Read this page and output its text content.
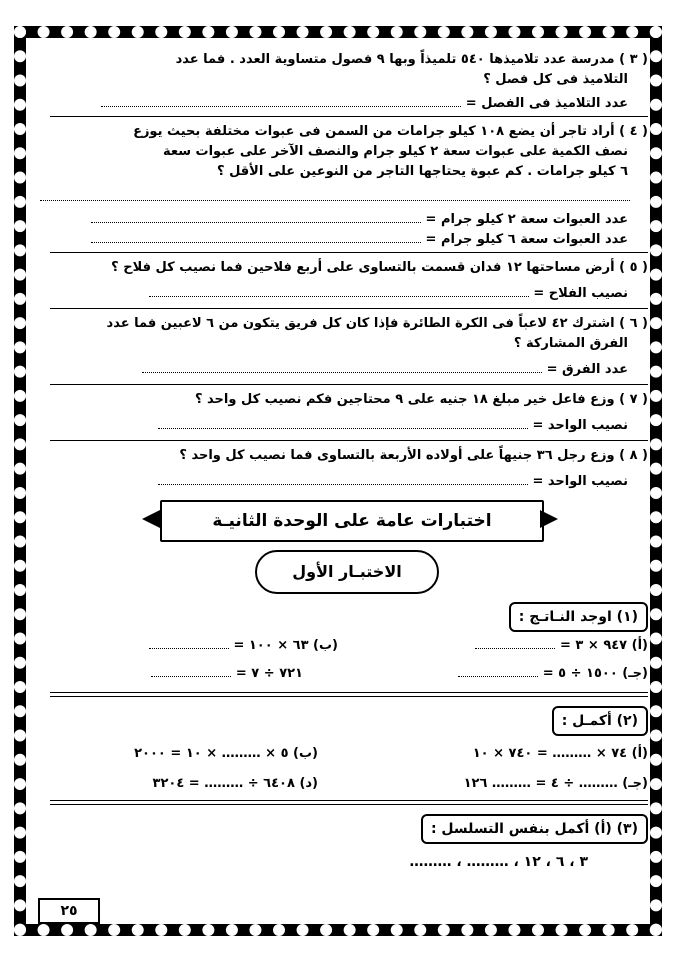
( ٣ ) مدرسة عدد تلاميذها ٥٤٠ تلميذاً وبها ٩ فصول متساوية العدد . فما عدد
التلاميذ فى كل فصل ؟
عدد التلاميذ فى الفصل =
( ٤ ) أراد تاجر أن يضع ١٠٨ كيلو جرامات من السمن فى عبوات مختلفة بحيث يوزع
نصف الكمية على عبوات سعة ٢ كيلو جرام والنصف الآخر على عبوات سعة
٦ كيلو جرامات . كم عبوة يحتاجها التاجر من النوعين على الأقل ؟
عدد العبوات سعة ٢ كيلو جرام =
عدد العبوات سعة ٦ كيلو جرام =
( ٥ ) أرض مساحتها ١٢ فدان قسمت بالتساوى على أربع فلاحين فما نصيب كل فلاح ؟
نصيب الفلاح =
( ٦ ) اشترك ٤٢ لاعباً فى الكرة الطائرة فإذا كان كل فريق يتكون من ٦ لاعبين فما عدد
الفرق المشاركة ؟
عدد الفرق =
( ٧ ) وزع فاعل خير مبلغ ١٨ جنيه على ٩ محتاجين فكم نصيب كل واحد ؟
نصيب الواحد =
( ٨ ) وزع رجل ٣٦ جنيهاً على أولاده الأربعة بالتساوى فما نصيب كل واحد ؟
نصيب الواحد =
اختبارات عامة على الوحدة الثانيـة
الاختبـار الأول
(١) اوجد النـاتـج :
(أ) ٩٤٧ × ٣ =
(ب) ٦٣ × ١٠٠ =
(جـ) ١٥٠٠ ÷ ٥ =
٧٢١ ÷ ٧ =
(٢) أكمـل :
(أ) ٧٤ × ……… = ٧٤٠ × ١٠
(ب) ٥ × ……… × ١٠ = ٢٠٠٠
(جـ) ……… ÷ ٤ = ……… ١٢٦
(د) ٦٤٠٨ ÷ ……… = ٣٢٠٤
(٣) (أ) أكمل بنفس التسلسل :
٣ ، ٦ ، ١٢ ، ……… ، ………
٢٥
